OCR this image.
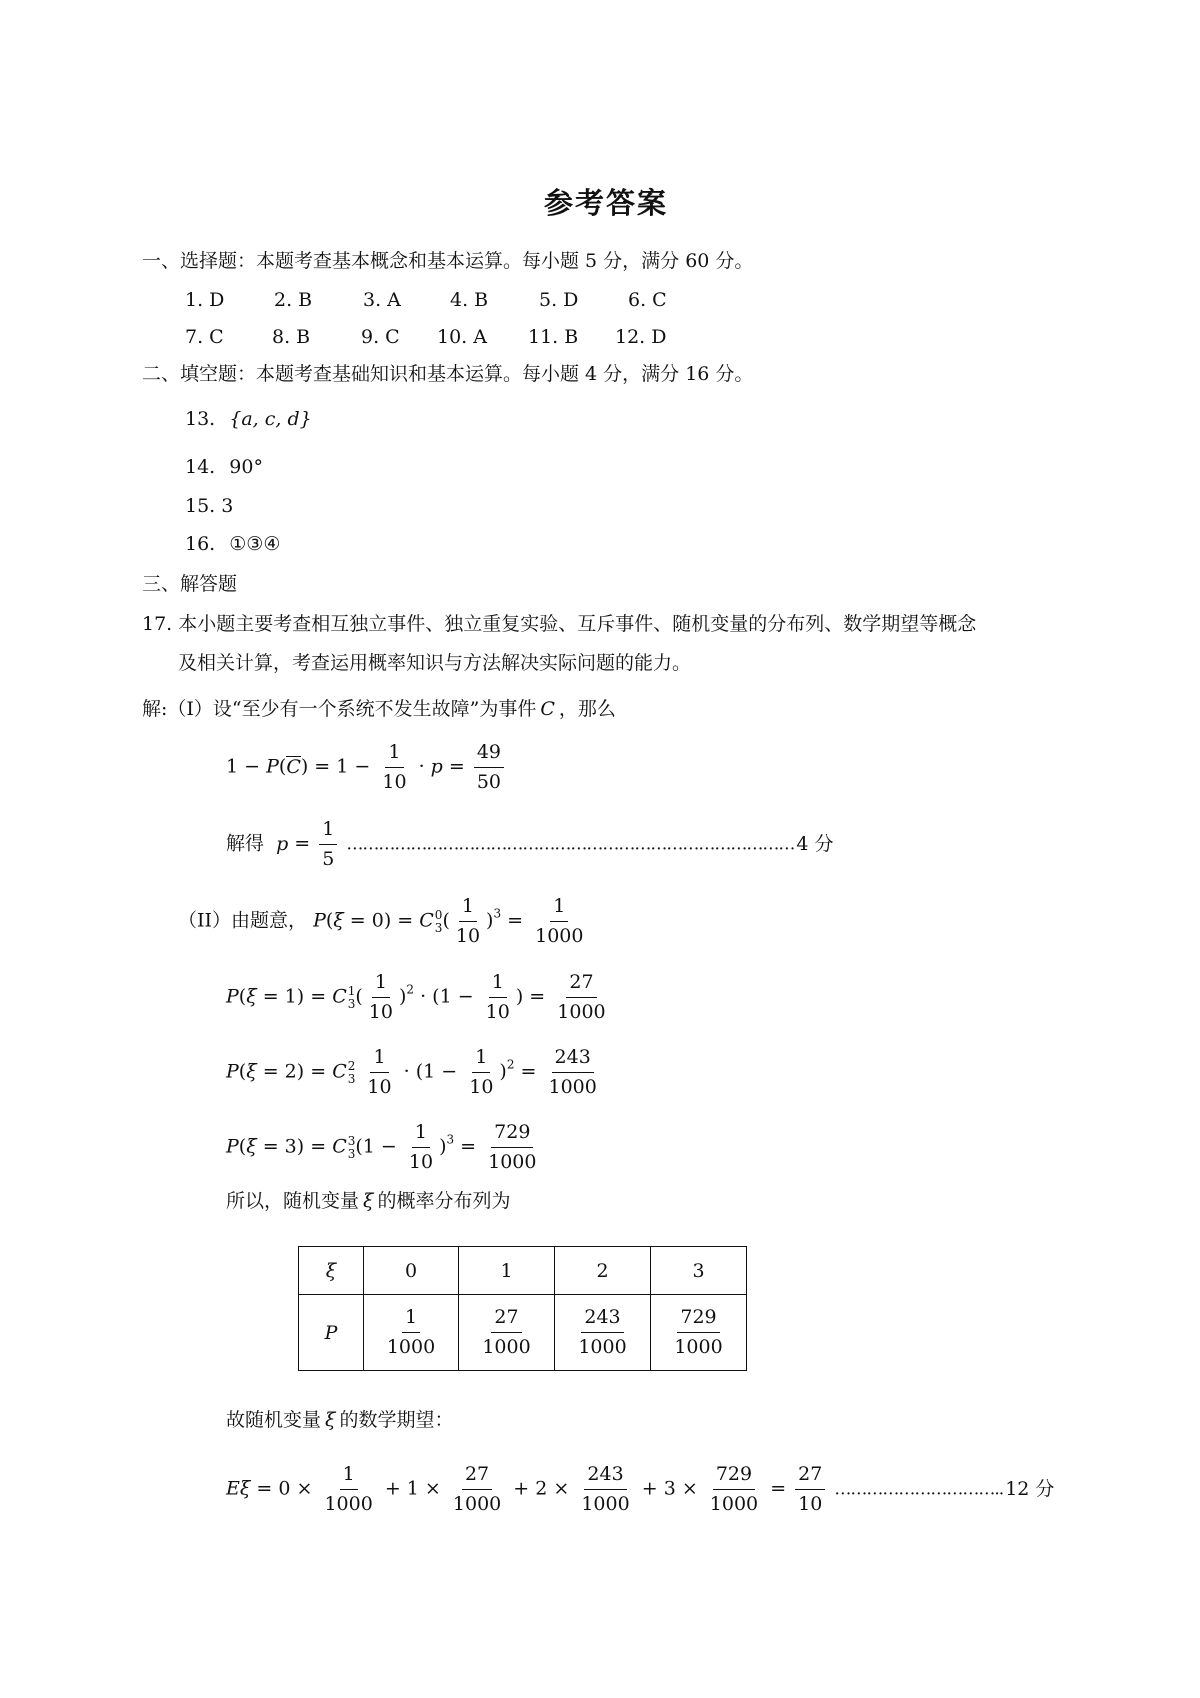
参考答案
一、选择题：本题考查基本概念和基本运算。每小题 5 分，满分 60 分。
1. D	2. B	3. A	4. B	5. D	6. C
7. C	8. B	9. C 10. A 11. B 12. D
二、填空题：本题考查基础知识和基本运算。每小题 4 分，满分 16 分。
13. {a, c, d}
14. 90°
15. 3
16. ①③④
三、解答题
17. 本小题主要考查相互独立事件、独立重复实验、互斥事件、随机变量的分布列、数学期望等概念
及相关计算，考查运用概率知识与方法解决实际问题的能力。
解:（I）设“至少有一个系统不发生故障”为事件 C ，那么
$1 - P(C) = 1 - \frac{1}{10} \cdot p = \frac{49}{50}$
解得 $p = \frac{1}{5}$ ………………………………………………………………………… 4 分
（II）由题意， P(ξ = 0) = C 0
3 ( $\frac{1}{10} )^3 = \frac{1}{1000}$
P(ξ = 1) = C 1
3 ( $\frac{1}{10} )^2 \cdot (1 - \frac{1}{10}$ ) = $\frac{27}{1000}$
P(ξ = 2) = C 2
3
$\frac{1}{10} \cdot (1 - \frac{1}{10} )^2 = \frac{243}{1000}$
P(ξ = 3) = C 3
3 $(1 - \frac{1}{10} )^3 = \frac{729}{1000}$
所以，随机变量 ξ 的概率分布列为
ξ	0	1	2	3
P	$\frac{1}{1000}$	$\frac{27}{1000}$	$\frac{243}{1000}$	$\frac{729}{1000}$
故随机变量 ξ 的数学期望：
$E\xi = 0 \times \frac{1}{1000} + 1 \times \frac{27}{1000} + 2 \times \frac{243}{1000} + 3 \times \frac{729}{1000} = \frac{27}{10}$ ………………………….. 12 分
